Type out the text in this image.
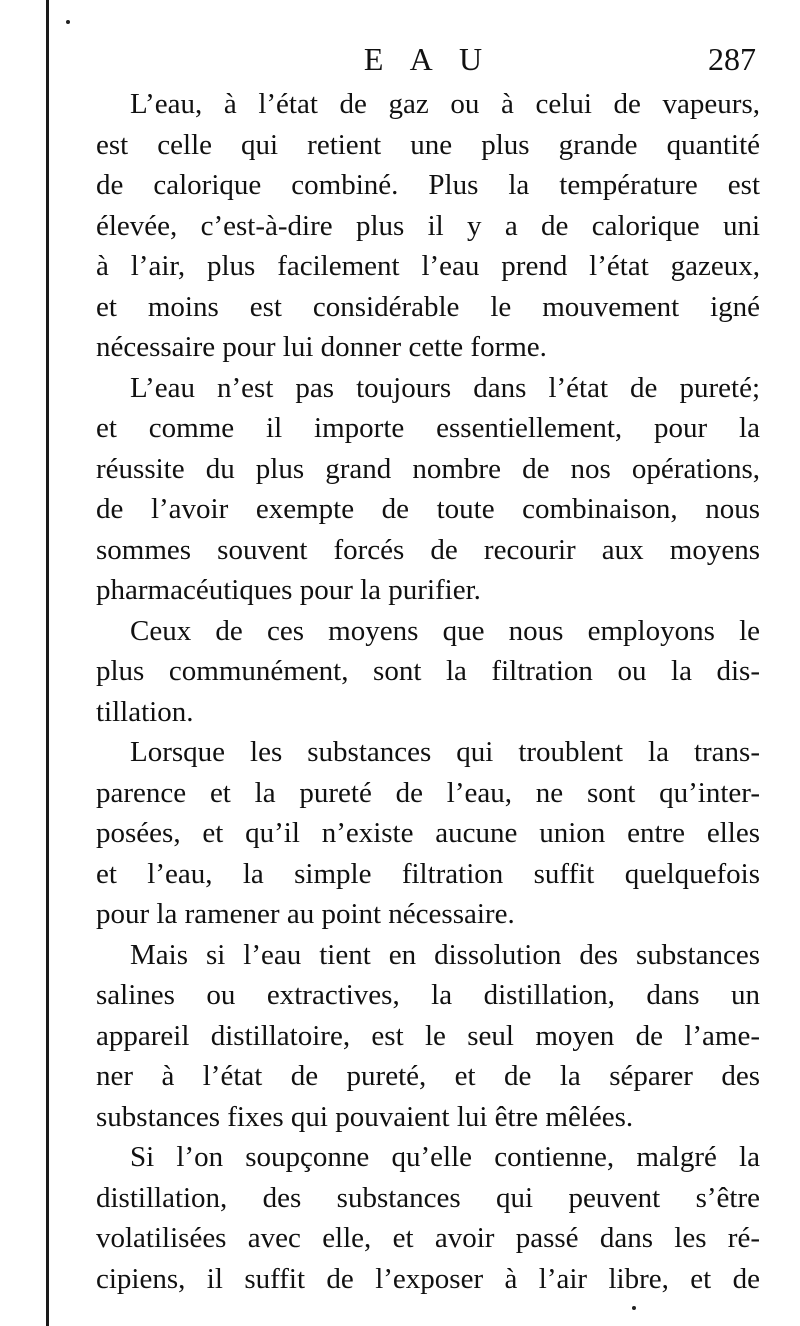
E A U	287
L’eau, à l’état de gaz ou à celui de vapeurs,
est celle qui retient une plus grande quantité
de calorique combiné. Plus la température est
élevée, c’est-à-dire plus il y a de calorique uni
à l’air, plus facilement l’eau prend l’état gazeux,
et moins est considérable le mouvement igné
nécessaire pour lui donner cette forme.
L’eau n’est pas toujours dans l’état de pureté;
et comme il importe essentiellement, pour la
réussite du plus grand nombre de nos opérations,
de l’avoir exempte de toute combinaison, nous
sommes souvent forcés de recourir aux moyens
pharmacéutiques pour la purifier.
Ceux de ces moyens que nous employons le
plus communément, sont la filtration ou la dis-
tillation.
Lorsque les substances qui troublent la trans-
parence et la pureté de l’eau, ne sont qu’inter-
posées, et qu’il n’existe aucune union entre elles
et l’eau, la simple filtration suffit quelquefois
pour la ramener au point nécessaire.
Mais si l’eau tient en dissolution des substances
salines ou extractives, la distillation, dans un
appareil distillatoire, est le seul moyen de l’ame-
ner à l’état de pureté, et de la séparer des
substances fixes qui pouvaient lui être mêlées.
Si l’on soupçonne qu’elle contienne, malgré la
distillation, des substances qui peuvent s’être
volatilisées avec elle, et avoir passé dans les ré-
cipiens, il suffit de l’exposer à l’air libre, et de
